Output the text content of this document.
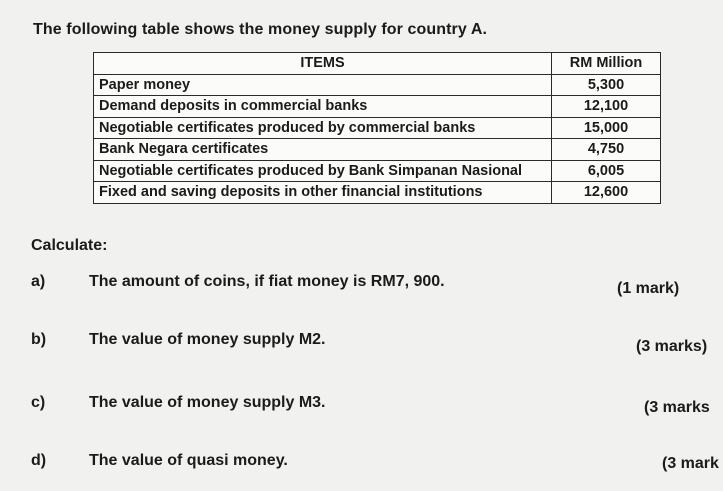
The following table shows the money supply for country A.
ITEMS	RM Million
Paper money	5,300
Demand deposits in commercial banks	12,100
Negotiable certificates produced by commercial banks	15,000
Bank Negara certificates	4,750
Negotiable certificates produced by Bank Simpanan Nasional	6,005
Fixed and saving deposits in other financial institutions	12,600
Calculate:
a)	The amount of coins, if fiat money is RM7, 900.	(1 mark)
b)	The value of money supply M2.	(3 marks)
c)	The value of money supply M3.	(3 marks
d)	The value of quasi money.	(3 mark
